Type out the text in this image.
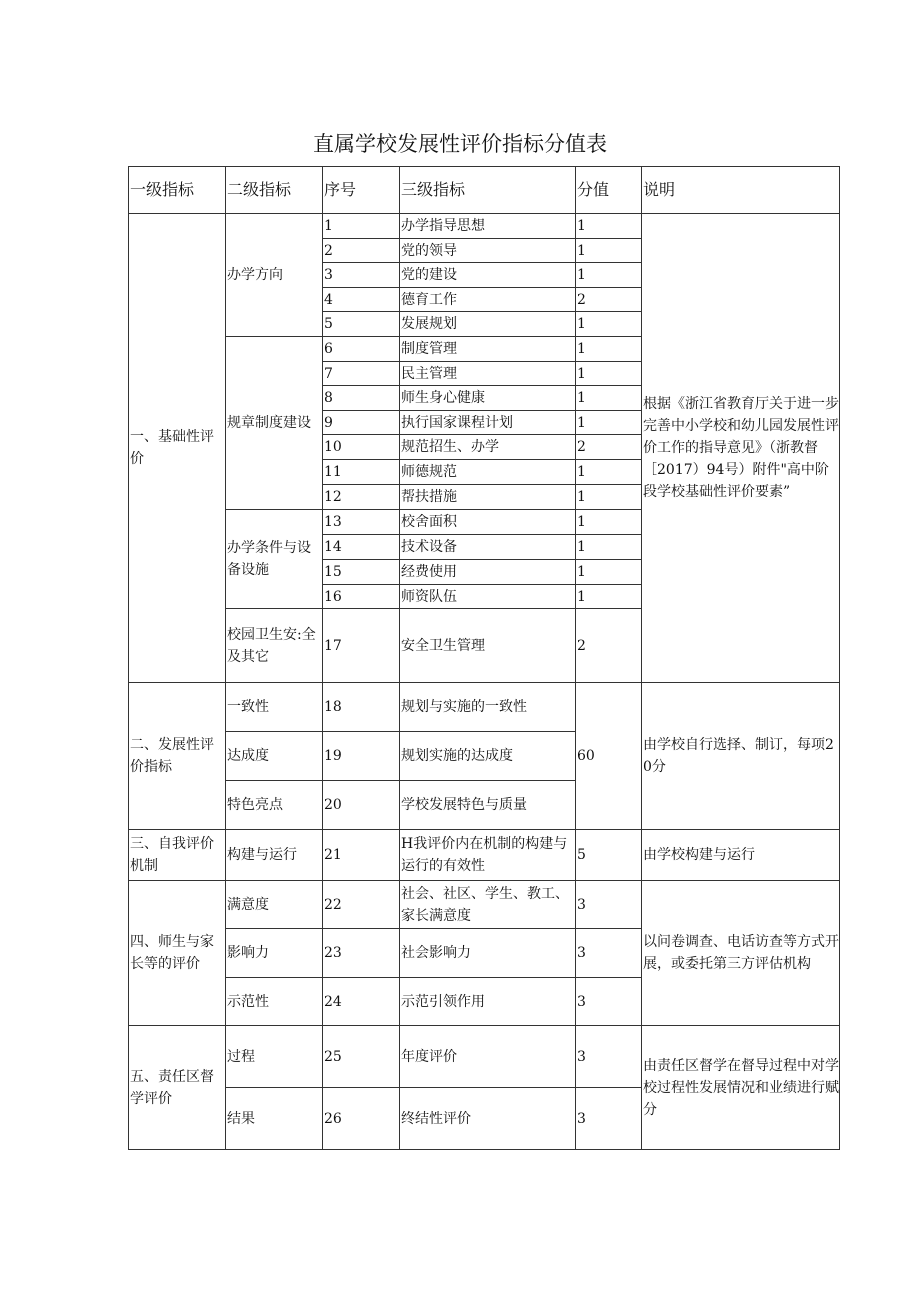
直属学校发展性评价指标分值表
一级指标	二级指标	序号	三级指标	分值	说明
一、基础性评价	办学方向	1	办学指导思想	1	根据《浙江省教育厅关于进一步完善中小学校和幼儿园发展性评价工作的指导意见》（浙教督［2017）94号）附件"高中阶段学校基础性评价要素”
		2	党的领导	1	
		3	党的建设	1	
		4	德育工作	2	
		5	发展规划	1	
	规章制度建设	6	制度管理	1	
		7	民主管理	1	
		8	师生身心健康	1	
		9	执行国家课程计划	1	
		10	规范招生、办学	2	
		11	师德规范	1	
		12	帮扶措施	1	
	办学条件与设备设施	13	校舍面积	1	
		14	技术设备	1	
		15	经费使用	1	
		16	师资队伍	1	
	校园卫生安:全及其它	17	安全卫生管理	2	
二、发展性评价指标	一致性	18	规划与实施的一致性	60	由学校自行选择、制订，每项20分
	达成度	19	规划实施的达成度		
	特色亮点	20	学校发展特色与质量		
三、自我评价机制	构建与运行	21	H我评价内在机制的构建与运行的有效性	5	由学校构建与运行
四、师生与家长等的评价	满意度	22	社会、社区、学生、教工、家长满意度	3	以问卷调查、电话访查等方式开展，或委托第三方评估机构
	影响力	23	社会影响力	3	
	示范性	24	示范引领作用	3	
五、责任区督学评价	过程	25	年度评价	3	由责任区督学在督导过程中对学校过程性发展情况和业绩进行赋分
	结果	26	终结性评价	3	
